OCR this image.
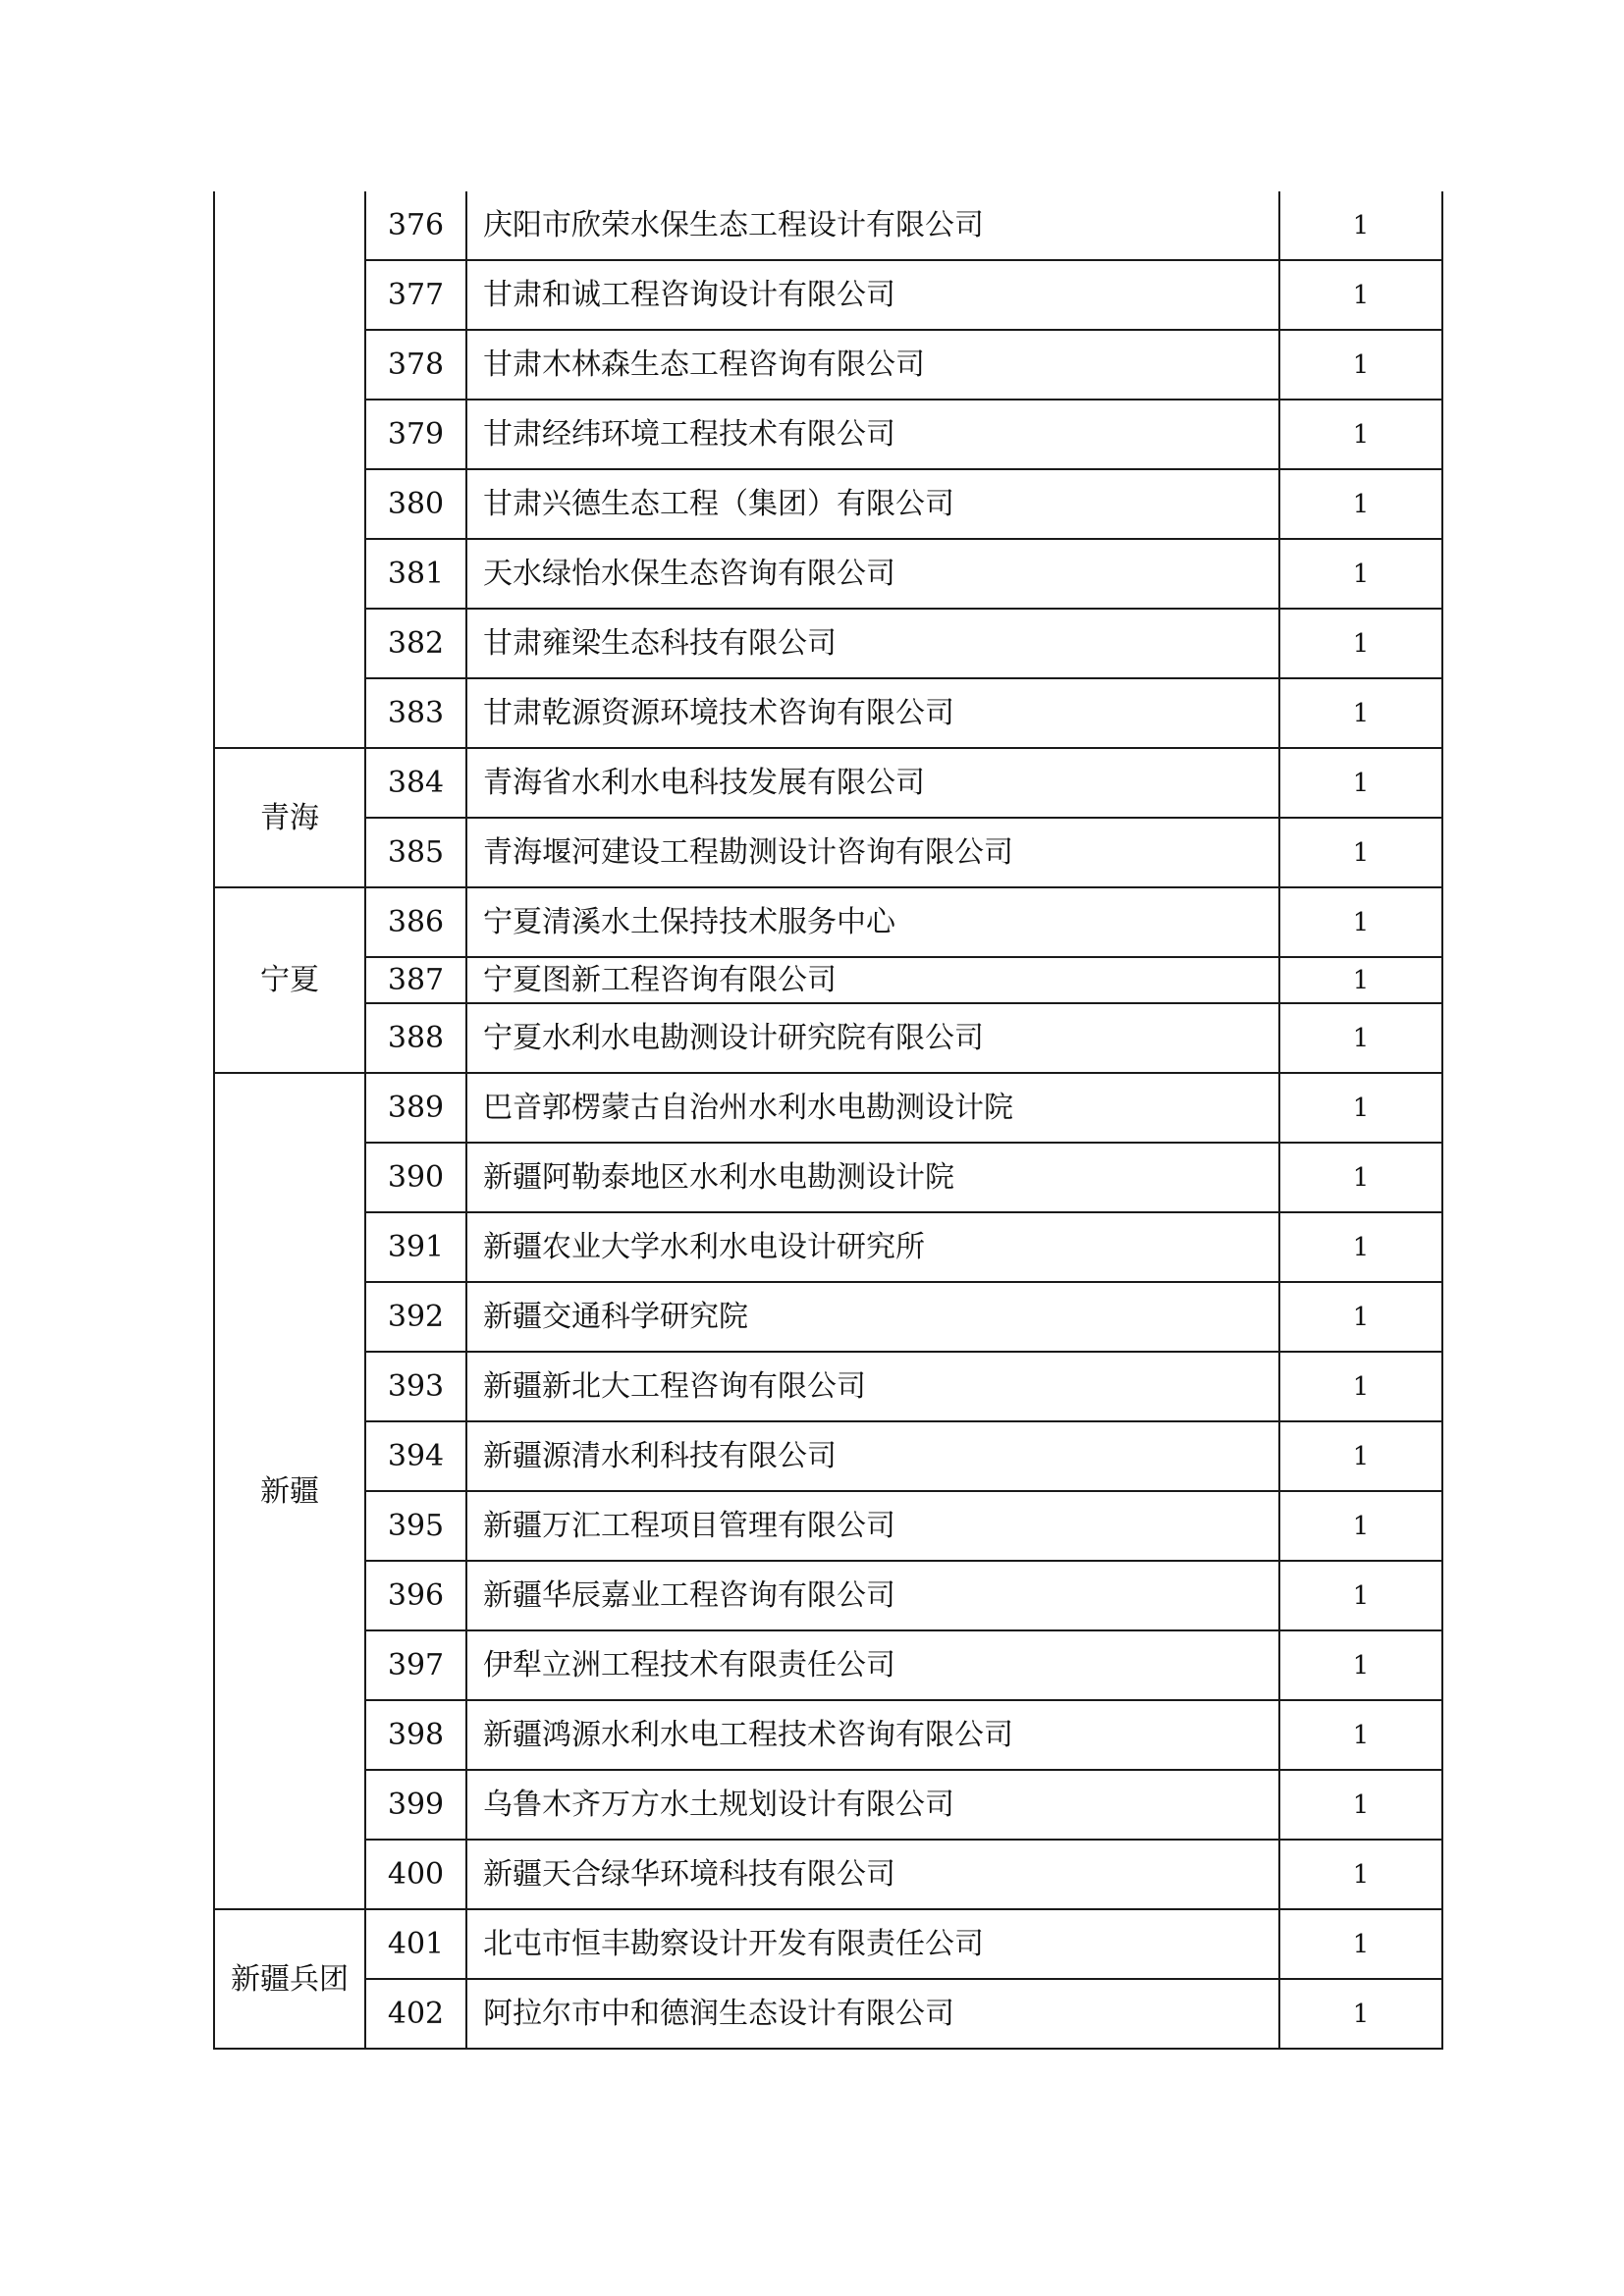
	376	庆阳市欣荣水保生态工程设计有限公司	1
	377	甘肃和诚工程咨询设计有限公司	1
	378	甘肃木林森生态工程咨询有限公司	1
	379	甘肃经纬环境工程技术有限公司	1
	380	甘肃兴德生态工程（集团）有限公司	1
	381	天水绿怡水保生态咨询有限公司	1
	382	甘肃雍梁生态科技有限公司	1
	383	甘肃乾源资源环境技术咨询有限公司	1
青海	384	青海省水利水电科技发展有限公司	1
	385	青海堰河建设工程勘测设计咨询有限公司	1
宁夏	386	宁夏清溪水土保持技术服务中心	1
	387	宁夏图新工程咨询有限公司	1
	388	宁夏水利水电勘测设计研究院有限公司	1
新疆	389	巴音郭楞蒙古自治州水利水电勘测设计院	1
	390	新疆阿勒泰地区水利水电勘测设计院	1
	391	新疆农业大学水利水电设计研究所	1
	392	新疆交通科学研究院	1
	393	新疆新北大工程咨询有限公司	1
	394	新疆源清水利科技有限公司	1
	395	新疆万汇工程项目管理有限公司	1
	396	新疆华辰嘉业工程咨询有限公司	1
	397	伊犁立洲工程技术有限责任公司	1
	398	新疆鸿源水利水电工程技术咨询有限公司	1
	399	乌鲁木齐万方水土规划设计有限公司	1
	400	新疆天合绿华环境科技有限公司	1
新疆兵团	401	北屯市恒丰勘察设计开发有限责任公司	1
	402	阿拉尔市中和德润生态设计有限公司	1
